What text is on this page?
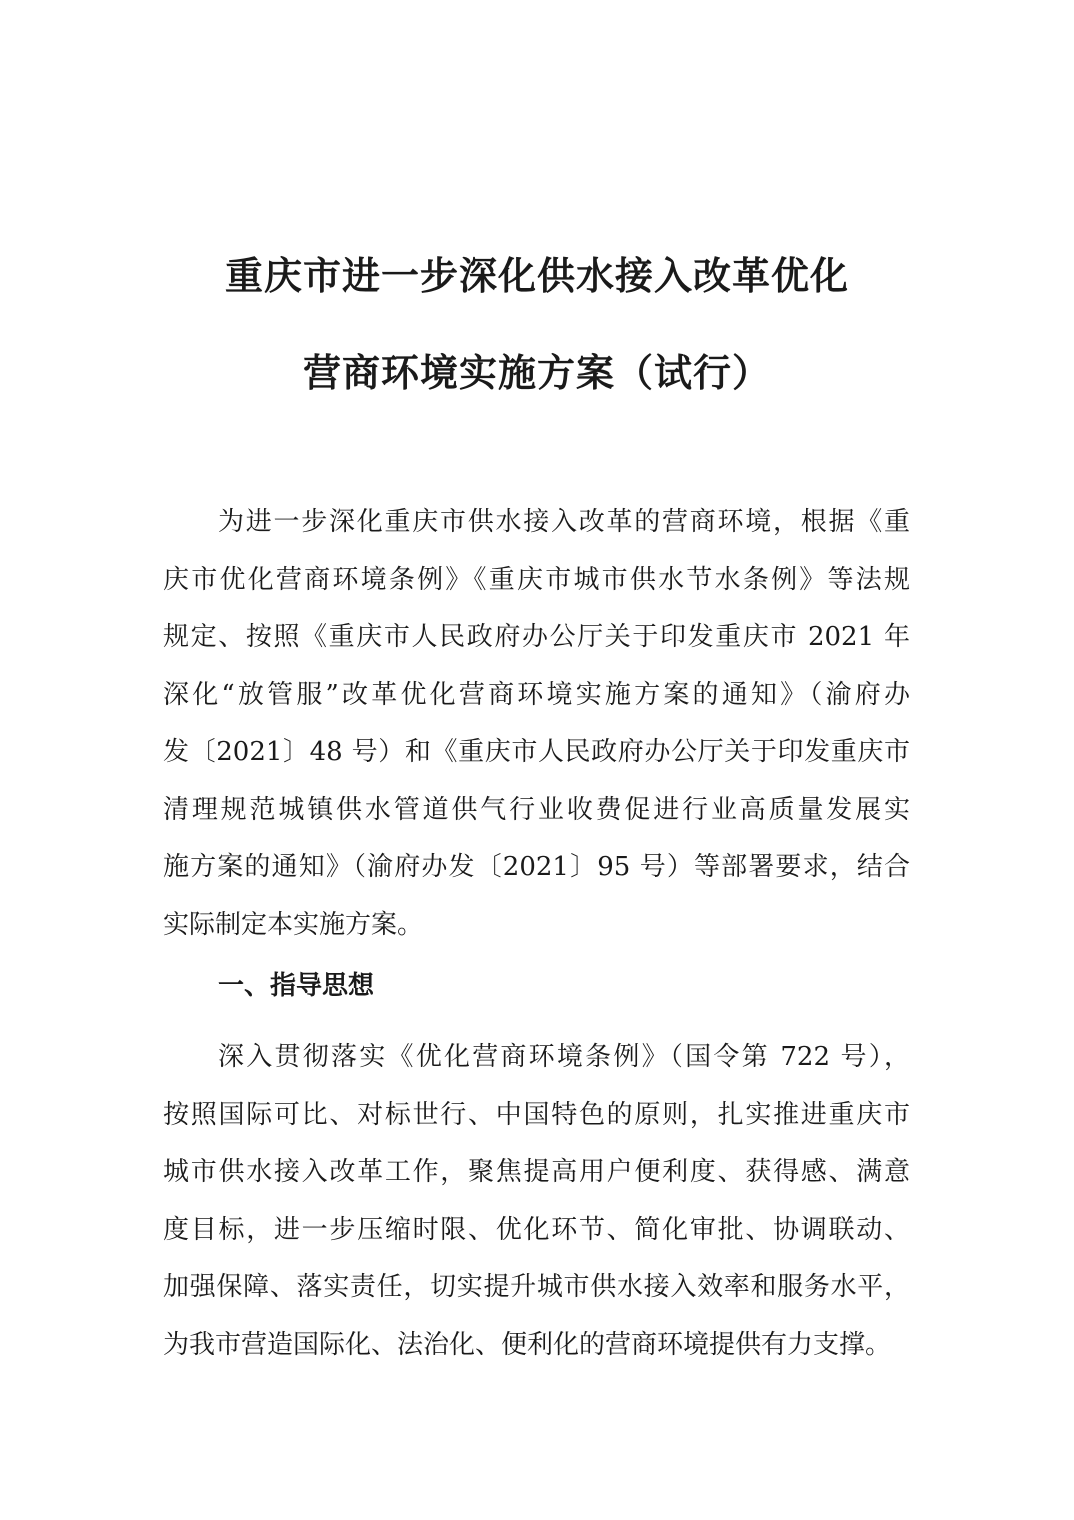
重庆市进一步深化供水接入改革优化
营商环境实施方案（试行）
为进一步深化重庆市供水接入改革的营商环境，根据《重
庆市优化营商环境条例》《重庆市城市供水节水条例》等法规
规定、按照《重庆市人民政府办公厅关于印发重庆市 2021 年
深化“放管服”改革优化营商环境实施方案的通知》（渝府办
发〔2021〕48 号）和《重庆市人民政府办公厅关于印发重庆市
清理规范城镇供水管道供气行业收费促进行业高质量发展实
施方案的通知》（渝府办发〔2021〕95 号）等部署要求，结合
实际制定本实施方案。
一、指导思想
深入贯彻落实《优化营商环境条例》（国令第 722 号），
按照国际可比、对标世行、中国特色的原则，扎实推进重庆市
城市供水接入改革工作，聚焦提高用户便利度、获得感、满意
度目标，进一步压缩时限、优化环节、简化审批、协调联动、
加强保障、落实责任，切实提升城市供水接入效率和服务水平，
为我市营造国际化、法治化、便利化的营商环境提供有力支撑。
